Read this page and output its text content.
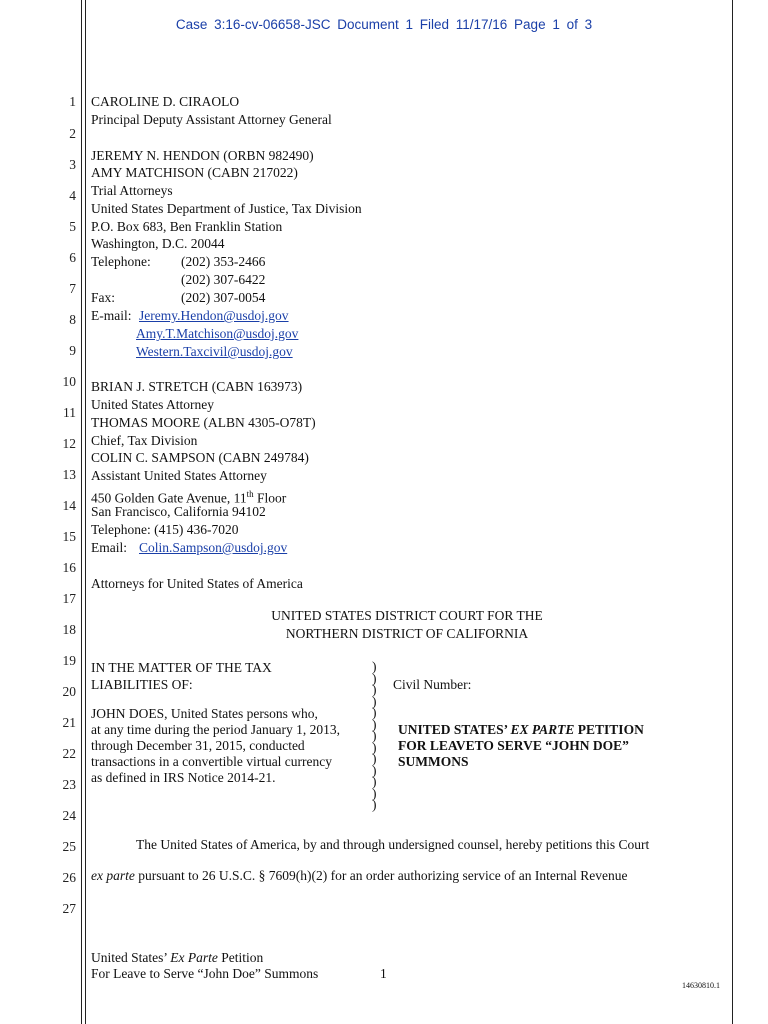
Case 3:16-cv-06658-JSC Document 1 Filed 11/17/16 Page 1 of 3
1
2
3
4
5
6
7
8
9
10
11
12
13
14
15
16
17
18
19
20
21
22
23
24
25
26
27
CAROLINE D. CIRAOLO
Principal Deputy Assistant Attorney General
JEREMY N. HENDON (ORBN 982490)
AMY MATCHISON (CABN 217022)
Trial Attorneys
United States Department of Justice, Tax Division
P.O. Box 683, Ben Franklin Station
Washington, D.C. 20044
Telephone: (202) 353-2466
(202) 307-6422
Fax:	(202) 307-0054
E-mail: Jeremy.Hendon@usdoj.gov
Amy.T.Matchison@usdoj.gov
Western.Taxcivil@usdoj.gov
BRIAN J. STRETCH (CABN 163973)
United States Attorney
THOMAS MOORE (ALBN 4305-O78T)
Chief, Tax Division
COLIN C. SAMPSON (CABN 249784)
Assistant United States Attorney
450 Golden Gate Avenue, 11th Floor
San Francisco, California 94102
Telephone: (415) 436-7020
Email: Colin.Sampson@usdoj.gov
Attorneys for United States of America
UNITED STATES DISTRICT COURT FOR THE
NORTHERN DISTRICT OF CALIFORNIA
IN THE MATTER OF THE TAX
LIABILITIES OF:
JOHN DOES, United States persons who,
at any time during the period January 1, 2013,
through December 31, 2015, conducted
transactions in a convertible virtual currency
as defined in IRS Notice 2014-21.
)
)
)
)
)
)
)
)
)
)
)
)
)
Civil Number:
UNITED STATES’ EX PARTE PETITION
FOR LEAVETO SERVE “JOHN DOE”
SUMMONS
The United States of America, by and through undersigned counsel, hereby petitions this Court
ex parte pursuant to 26 U.S.C. § 7609(h)(2) for an order authorizing service of an Internal Revenue
United States’ Ex Parte Petition
For Leave to Serve “John Doe” Summons	1
14630810.1
